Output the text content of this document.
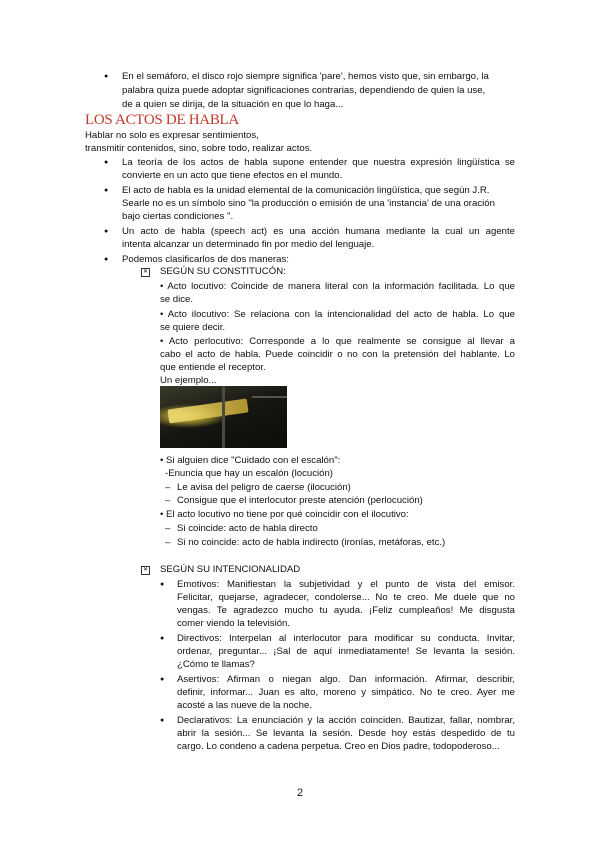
● En el semáforo, el disco rojo siempre significa 'pare', hemos visto que, sin embargo, la
palabra quiza puede adoptar significaciones contrarias, dependiendo de quien la use,
de a quien se dirija, de la situación en que lo haga...
LOS ACTOS DE HABLA
Hablar no solo es expresar sentimientos,
transmitir contenidos, sino, sobre todo, realizar actos.
● La teoría de los actos de habla supone entender que nuestra expresión lingüística se
convierte en un acto que tiene efectos en el mundo.
● El acto de habla es la unidad elemental de la comunicación lingüística, que según J.R.
Searle no es un símbolo sino "la producción o emisión de una 'instancia' de una oración
bajo ciertas condiciones ".
● Un acto de habla (speech act) es una acción humana mediante la cual un agente
intenta alcanzar un determinado fin por medio del lenguaje.
● Podemos clasificarlos de dos maneras:
✕ SEGÚN SU CONSTITUCÓN:
• Acto locutivo: Coincide de manera literal con la información facilitada. Lo que
se dice.
• Acto ilocutivo: Se relaciona con la intencionalidad del acto de habla. Lo que
se quiere decir.
• Acto perlocutivo: Corresponde a lo que realmente se consigue al llevar a
cabo el acto de habla. Puede coincidir o no con la pretensión del hablante. Lo
que entiende el receptor.
Un ejemplo...
• Si alguien dice "Cuidado con el escalón":
-Enuncia que hay un escalón (locución)
– Le avisa del peligro de caerse (ilocución)
– Consigue que el interlocutor preste atención (perlocución)
• El acto locutivo no tiene por qué coincidir con el ilocutivo:
– Si coincide: acto de habla directo
– Si no coincide: acto de habla indirecto (ironías, metáforas, etc.)
✕ SEGÚN SU INTENCIONALIDAD
● Emotivos: Manifiestan la subjetividad y el punto de vista del emisor.
Felicitar, quejarse, agradecer, condolerse... No te creo. Me duele que no
vengas. Te agradezco mucho tu ayuda. ¡Feliz cumpleaños! Me disgusta
comer viendo la televisión.
● Directivos: Interpelan al interlocutor para modificar su conducta. Invitar,
ordenar, preguntar... ¡Sal de aquí inmediatamente! Se levanta la sesión.
¿Cómo te llamas?
● Asertivos: Afirman o niegan algo. Dan información. Afirmar, describir,
definir, informar... Juan es alto, moreno y simpático. No te creo. Ayer me
acosté a las nueve de la noche.
● Declarativos: La enunciación y la acción coinciden. Bautizar, fallar, nombrar,
abrir la sesión... Se levanta la sesión. Desde hoy estás despedido de tu
cargo. Lo condeno a cadena perpetua. Creo en Dios padre, todopoderoso...
2
